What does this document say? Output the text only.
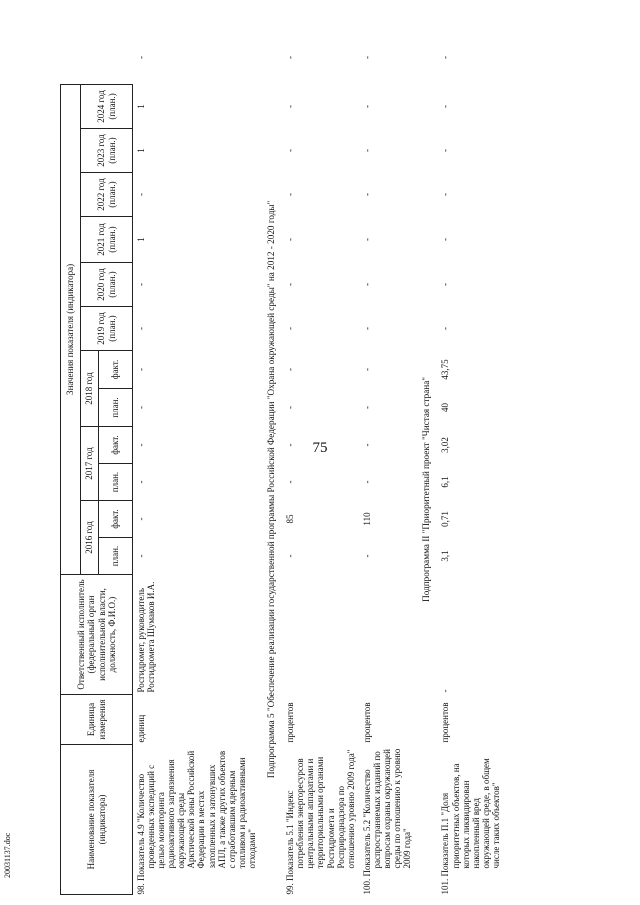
75
20031137.doc	Наименование показателя (индикатора)	Единица измерения	Ответственный исполнитель (федеральный орган исполнительной власти, должность, Ф.И.О.)	Значения показателя (индикатора)												
			2016 год		2017 год		2018 год		2019 год (план.)	2020 год (план.)	2021 год (план.)	2022 год (план.)	2023 год (план.)	2024 год (план.)	
			план.	факт.	план.	факт.	план.	факт.							
98. Показатель 4.9 "Количество проведенных экспедиций с целью мониторинга радиоактивного загрязнения окружающей среды Арктической зоны Российской Федерации в местах затопленных и затонувших АПЛ, а также других объектов с отработавшим ядерным топливом и радиоактивными отходами"	единиц	Росгидромет, руководитель Росгидромета Шумаков И.А.	-	-	-	-	-	-	-	-	1	-	1	1	-
Подпрограмма 5 "Обеспечение реализации государственной программы Российской Федерации "Охрана окружающей среды" на 2012 - 2020 годы"															
99. Показатель 5.1 "Индекс потребления энергоресурсов центральными аппаратами и территориальными органами Росгидромета и Росприроднадзора по отношению уровню 2009 года"	процентов		-	85	-	-	-	-	-	-	-	-	-	-	-
100. Показатель 5.2 "Количество распространяемых изданий по вопросам охраны окружающей среды по отношению к уровню 2009 года"	процентов		-	110	-	-	-	-	-	-	-	-	-	-	-
Подпрограмма II "Приоритетный проект "Чистая страна"															
101. Показатель П.1 "Доля приоритетных объектов, на которых ликвидирован накопленный вред окружающей среде, в общем числе таких объектов"	процентов	-	3,1	0,71	6,1	3,02	40	43,75	-	-	-	-	-	-	-
